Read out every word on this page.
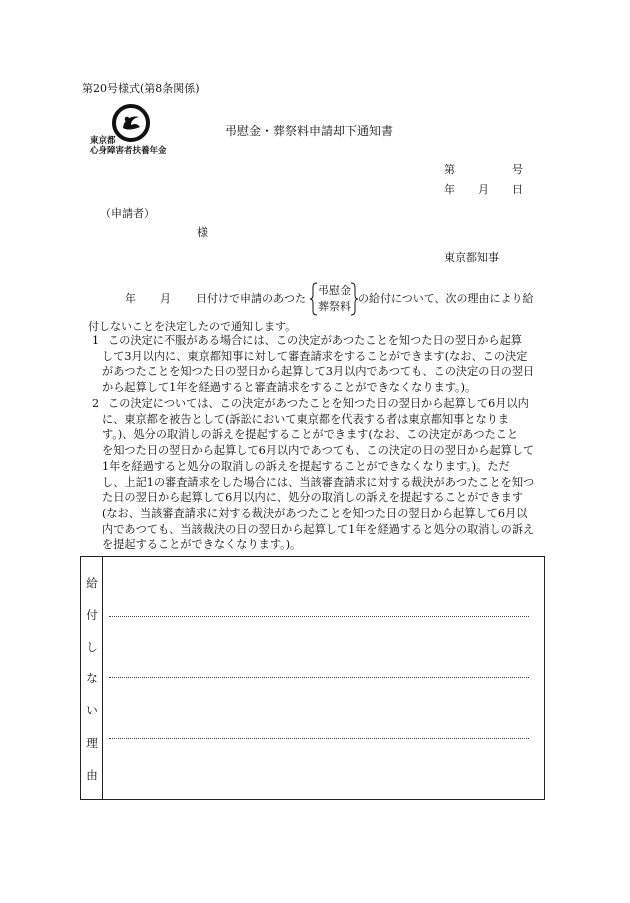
第20号様式(第8条関係)
東京都
心身障害者扶養年金
弔慰金・葬祭料申請却下通知書
第	号
年 月 日
（申請者）
様
東京都知事
年 月 日付けで申請のあつた
弔慰金
葬祭料
の給付について、次の理由により給
付しないことを決定したので通知します。
1 この決定に不服がある場合には、この決定があつたことを知つた日の翌日から起算
して3月以内に、東京都知事に対して審査請求をすることができます(なお、この決定
があつたことを知つた日の翌日から起算して3月以内であつても、この決定の日の翌日
から起算して1年を経過すると審査請求をすることができなくなります。)。
2 この決定については、この決定があつたことを知つた日の翌日から起算して6月以内
に、東京都を被告として(訴訟において東京都を代表する者は東京都知事となりま
す。)、処分の取消しの訴えを提起することができます(なお、この決定があつたこと
を知つた日の翌日から起算して6月以内であつても、この決定の日の翌日から起算して
1年を経過すると処分の取消しの訴えを提起することができなくなります。)。ただ
し、上記1の審査請求をした場合には、当該審査請求に対する裁決があつたことを知つ
た日の翌日から起算して6月以内に、処分の取消しの訴えを提起することができます
(なお、当該審査請求に対する裁決があつたことを知つた日の翌日から起算して6月以
内であつても、当該裁決の日の翌日から起算して1年を経過すると処分の取消しの訴え
を提起することができなくなります。)。
給
付
し
な
い
理
由
